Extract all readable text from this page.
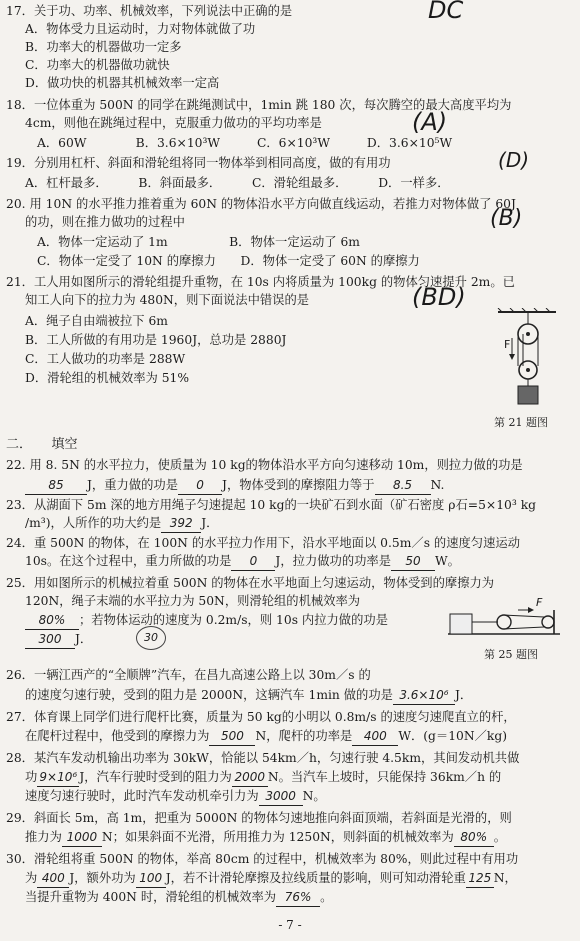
17．关于功、功率、机械效率，下列说法中正确的是	DC
A．物体受力且运动时，力对物体就做了功
B．功率大的机器做功一定多
C．功率大的机器做功就快
D．做功快的机器其机械效率一定高
18．一位体重为 500N 的同学在跳绳测试中，1min 跳 180 次，每次腾空的最大高度平均为
4cm，则他在跳绳过程中，克服重力做功的平均功率是	(A)
A．60W　　　　B．3.6×10³W　　　C．6×10³W　　　D．3.6×10⁵W
19．分别用杠杆、斜面和滑轮组将同一物体举到相同高度，做的有用功	(D)
A．杠杆最多．　　　B．斜面最多．　　　C．滑轮组最多．　　　D．一样多．
20. 用 10N 的水平推力推着重为 60N 的物体沿水平方向做直线运动，若推力对物体做了 60J
的功，则在推力做功的过程中	(B)
A．物体一定运动了 1m　　　　　B．物体一定运动了 6m
C．物体一定受了 10N 的摩擦力　　D．物体一定受了 60N 的摩擦力
21．工人用如图所示的滑轮组提升重物，在 10s 内将质量为 100kg 的物体匀速提升 2m。已
知工人向下的拉力为 480N，则下面说法中错误的是	(BD)
A．绳子自由端被拉下 6m
B．工人所做的有用功是 1960J，总功是 2880J
C．工人做功的功率是 288W
D．滑轮组的机械效率为 51%
F
第 21 题图
二．　　填空
22. 用 8. 5N 的水平拉力，使质量为 10 kg的物体沿水平方向匀速移动 10m，则拉力做的功是
85 J，重力做的功是 0 J，物体受到的摩擦阻力等于 8.5 N.
23．从湖面下 5m 深的地方用绳子匀速提起 10 kg的一块矿石到水面（矿石密度 ρ石=5×10³ kg
/m³)，人所作的功大约是 392 J．
24．重 500N 的物体，在 100N 的水平拉力作用下，沿水平地面以 0.5m／s 的速度匀速运动
10s。在这个过程中，重力所做的功是 0 J，拉力做功的功率是 50 W。
25．用如图所示的机械拉着重 500N 的物体在水平地面上匀速运动，物体受到的摩擦力为
120N，绳子末端的水平拉力为 50N，则滑轮组的机械效率为
80% ；若物体运动的速度为 0.2m/s，则 10s 内拉力做的功是
300 J．	30
F
第 25 题图
26．一辆江西产的“全顺牌”汽车，在昌九高速公路上以 30m／s 的
的速度匀速行驶，受到的阻力是 2000N，这辆汽车 1min 做的功是 3.6×10⁶ J．
27．体育课上同学们进行爬杆比赛，质量为 50 kg的小明以 0.8m/s 的速度匀速爬直立的杆，
在爬杆过程中，他受到的摩擦力为 500 N，爬杆的功率是 400 W．(g＝10N／kg)
28．某汽车发动机输出功率为 30kW，恰能以 54km／h，匀速行驶 4.5km，其间发动机共做
功 9×10⁶ J，汽车行驶时受到的阻力为 2000 N。当汽车上坡时，只能保持 36km／h 的
速度匀速行驶时，此时汽车发动机牵引力为 3000 N。
29．斜面长 5m，高 1m，把重为 5000N 的物体匀速地推向斜面顶端，若斜面是光滑的，则
推力为 1000 N；如果斜面不光滑，所用推力为 1250N，则斜面的机械效率为 80% 。
30．滑轮组将重 500N 的物体，举高 80cm 的过程中，机械效率为 80%，则此过程中有用功
为 400 J，额外功为 100 J，若不计滑轮摩擦及拉线质量的影响，则可知动滑轮重 125 N，
当提升重物为 400N 时，滑轮组的机械效率为 76% 。
- 7 -
